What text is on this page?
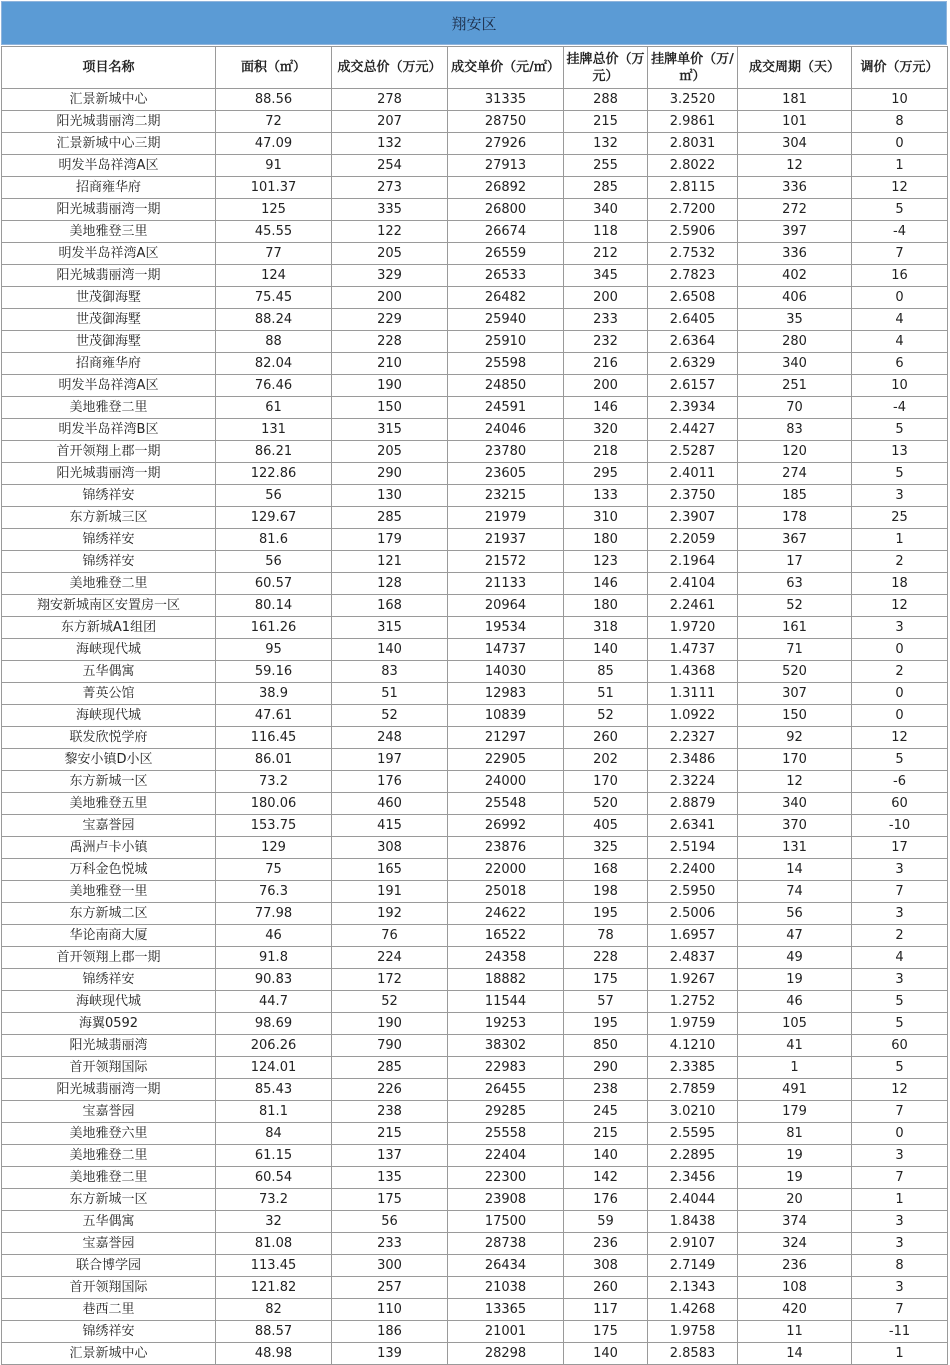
翔安区
项目名称	面积（㎡）	成交总价（万元）	成交单价（元/㎡）	挂牌总价（万元）	挂牌单价（万/㎡）	成交周期（天）	调价（万元）
汇景新城中心	88.56	278	31335	288	3.2520	181	10
阳光城翡丽湾二期	72	207	28750	215	2.9861	101	8
汇景新城中心三期	47.09	132	27926	132	2.8031	304	0
明发半岛祥湾A区	91	254	27913	255	2.8022	12	1
招商雍华府	101.37	273	26892	285	2.8115	336	12
阳光城翡丽湾一期	125	335	26800	340	2.7200	272	5
美地雅登三里	45.55	122	26674	118	2.5906	397	-4
明发半岛祥湾A区	77	205	26559	212	2.7532	336	7
阳光城翡丽湾一期	124	329	26533	345	2.7823	402	16
世茂御海墅	75.45	200	26482	200	2.6508	406	0
世茂御海墅	88.24	229	25940	233	2.6405	35	4
世茂御海墅	88	228	25910	232	2.6364	280	4
招商雍华府	82.04	210	25598	216	2.6329	340	6
明发半岛祥湾A区	76.46	190	24850	200	2.6157	251	10
美地雅登二里	61	150	24591	146	2.3934	70	-4
明发半岛祥湾B区	131	315	24046	320	2.4427	83	5
首开领翔上郡一期	86.21	205	23780	218	2.5287	120	13
阳光城翡丽湾一期	122.86	290	23605	295	2.4011	274	5
锦绣祥安	56	130	23215	133	2.3750	185	3
东方新城三区	129.67	285	21979	310	2.3907	178	25
锦绣祥安	81.6	179	21937	180	2.2059	367	1
锦绣祥安	56	121	21572	123	2.1964	17	2
美地雅登二里	60.57	128	21133	146	2.4104	63	18
翔安新城南区安置房一区	80.14	168	20964	180	2.2461	52	12
东方新城A1组团	161.26	315	19534	318	1.9720	161	3
海峡现代城	95	140	14737	140	1.4737	71	0
五华偶寓	59.16	83	14030	85	1.4368	520	2
菁英公馆	38.9	51	12983	51	1.3111	307	0
海峡现代城	47.61	52	10839	52	1.0922	150	0
联发欣悦学府	116.45	248	21297	260	2.2327	92	12
黎安小镇D小区	86.01	197	22905	202	2.3486	170	5
东方新城一区	73.2	176	24000	170	2.3224	12	-6
美地雅登五里	180.06	460	25548	520	2.8879	340	60
宝嘉誉园	153.75	415	26992	405	2.6341	370	-10
禹洲卢卡小镇	129	308	23876	325	2.5194	131	17
万科金色悦城	75	165	22000	168	2.2400	14	3
美地雅登一里	76.3	191	25018	198	2.5950	74	7
东方新城二区	77.98	192	24622	195	2.5006	56	3
华论南商大厦	46	76	16522	78	1.6957	47	2
首开领翔上郡一期	91.8	224	24358	228	2.4837	49	4
锦绣祥安	90.83	172	18882	175	1.9267	19	3
海峡现代城	44.7	52	11544	57	1.2752	46	5
海翼0592	98.69	190	19253	195	1.9759	105	5
阳光城翡丽湾	206.26	790	38302	850	4.1210	41	60
首开领翔国际	124.01	285	22983	290	2.3385	1	5
阳光城翡丽湾一期	85.43	226	26455	238	2.7859	491	12
宝嘉誉园	81.1	238	29285	245	3.0210	179	7
美地雅登六里	84	215	25558	215	2.5595	81	0
美地雅登二里	61.15	137	22404	140	2.2895	19	3
美地雅登二里	60.54	135	22300	142	2.3456	19	7
东方新城一区	73.2	175	23908	176	2.4044	20	1
五华偶寓	32	56	17500	59	1.8438	374	3
宝嘉誉园	81.08	233	28738	236	2.9107	324	3
联合博学园	113.45	300	26434	308	2.7149	236	8
首开领翔国际	121.82	257	21038	260	2.1343	108	3
巷西二里	82	110	13365	117	1.4268	420	7
锦绣祥安	88.57	186	21001	175	1.9758	11	-11
汇景新城中心	48.98	139	28298	140	2.8583	14	1
